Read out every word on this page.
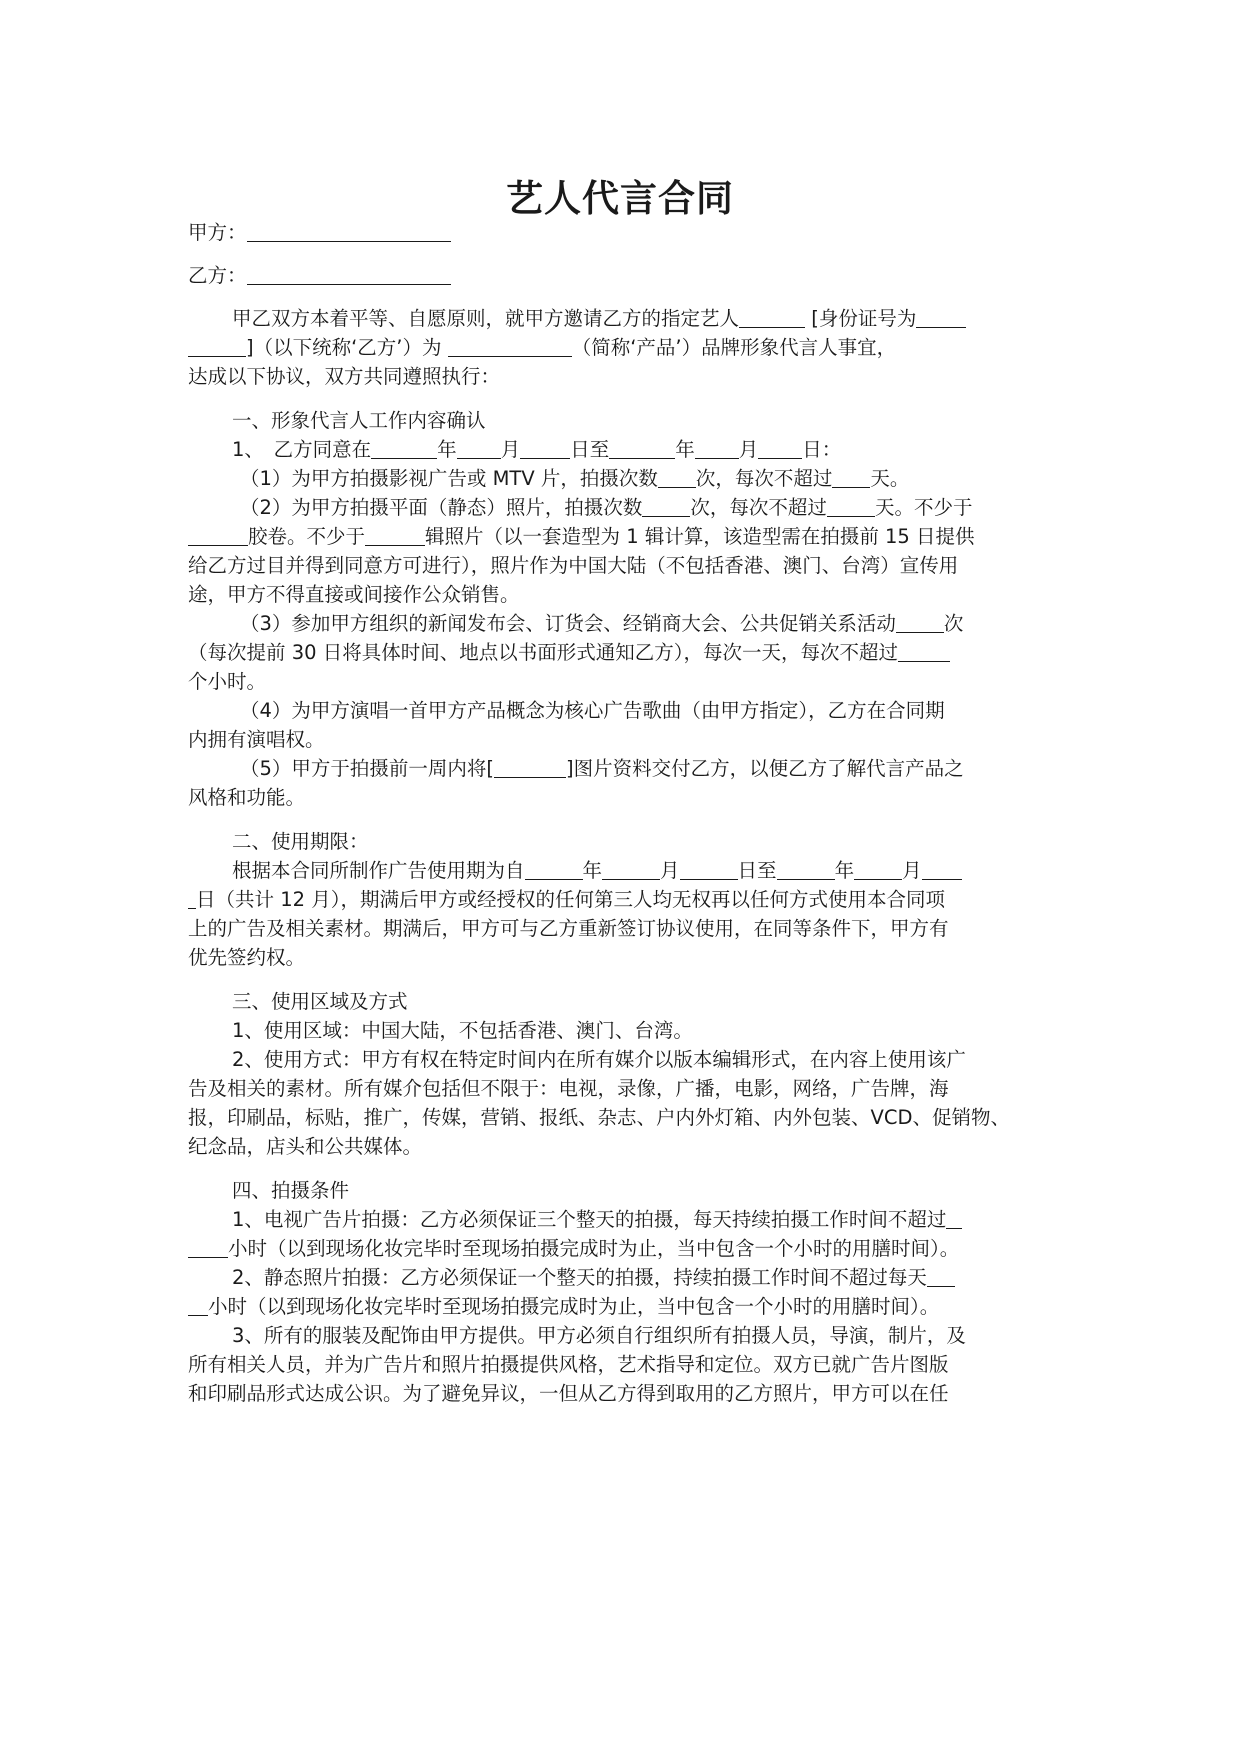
艺人代言合同
甲方：
乙方：
甲乙双方本着平等、自愿原则，就甲方邀请乙方的指定艺人	[身份证号为
]（以下统称‘乙方’）为	（简称‘产品’）品牌形象代言人事宜，
达成以下协议，双方共同遵照执行：
一、形象代言人工作内容确认
1、　乙方同意在	年 月	日至	年 月 日：
（1）为甲方拍摄影视广告或 MTV 片，拍摄次数 次，每次不超过 天。
（2）为甲方拍摄平面（静态）照片，拍摄次数 次，每次不超过 天。不少于
胶卷。不少于	辑照片（以一套造型为 1 辑计算，该造型需在拍摄前 15 日提供
给乙方过目并得到同意方可进行），照片作为中国大陆（不包括香港、澳门、台湾）宣传用
途，甲方不得直接或间接作公众销售。
（3）参加甲方组织的新闻发布会、订货会、经销商大会、公共促销关系活动 次
（每次提前 30 日将具体时间、地点以书面形式通知乙方），每次一天，每次不超过
个小时。
（4）为甲方演唱一首甲方产品概念为核心广告歌曲（由甲方指定），乙方在合同期
内拥有演唱权。
（5）甲方于拍摄前一周内将[	]图片资料交付乙方，以便乙方了解代言产品之
风格和功能。
二、使用期限：
根据本合同所制作广告使用期为自	年	月	日至	年 月
日（共计 12 月），期满后甲方或经授权的任何第三人均无权再以任何方式使用本合同项
上的广告及相关素材。期满后，甲方可与乙方重新签订协议使用，在同等条件下，甲方有
优先签约权。
三、使用区域及方式
1、使用区域：中国大陆，不包括香港、澳门、台湾。
2、使用方式：甲方有权在特定时间内在所有媒介以版本编辑形式，在内容上使用该广
告及相关的素材。所有媒介包括但不限于：电视，录像，广播，电影，网络，广告牌，海
报，印刷品，标贴，推广，传媒，营销、报纸、杂志、户内外灯箱、内外包装、VCD、促销物、
纪念品，店头和公共媒体。
四、拍摄条件
1、电视广告片拍摄：乙方必须保证三个整天的拍摄，每天持续拍摄工作时间不超过
小时（以到现场化妆完毕时至现场拍摄完成时为止，当中包含一个小时的用膳时间）。
2、静态照片拍摄：乙方必须保证一个整天的拍摄，持续拍摄工作时间不超过每天
小时（以到现场化妆完毕时至现场拍摄完成时为止，当中包含一个小时的用膳时间）。
3、所有的服装及配饰由甲方提供。甲方必须自行组织所有拍摄人员，导演，制片，及
所有相关人员，并为广告片和照片拍摄提供风格，艺术指导和定位。双方已就广告片图版
和印刷品形式达成公识。为了避免异议，一但从乙方得到取用的乙方照片，甲方可以在任
